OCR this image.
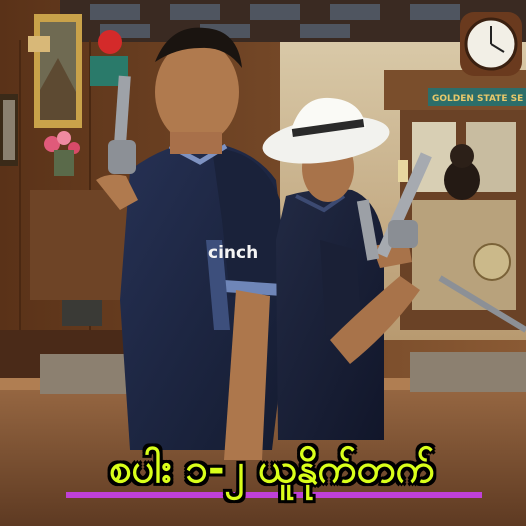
GOLDEN STATE SE
cinch
စပါး ၁-၂ ယူနိုက်တက်
